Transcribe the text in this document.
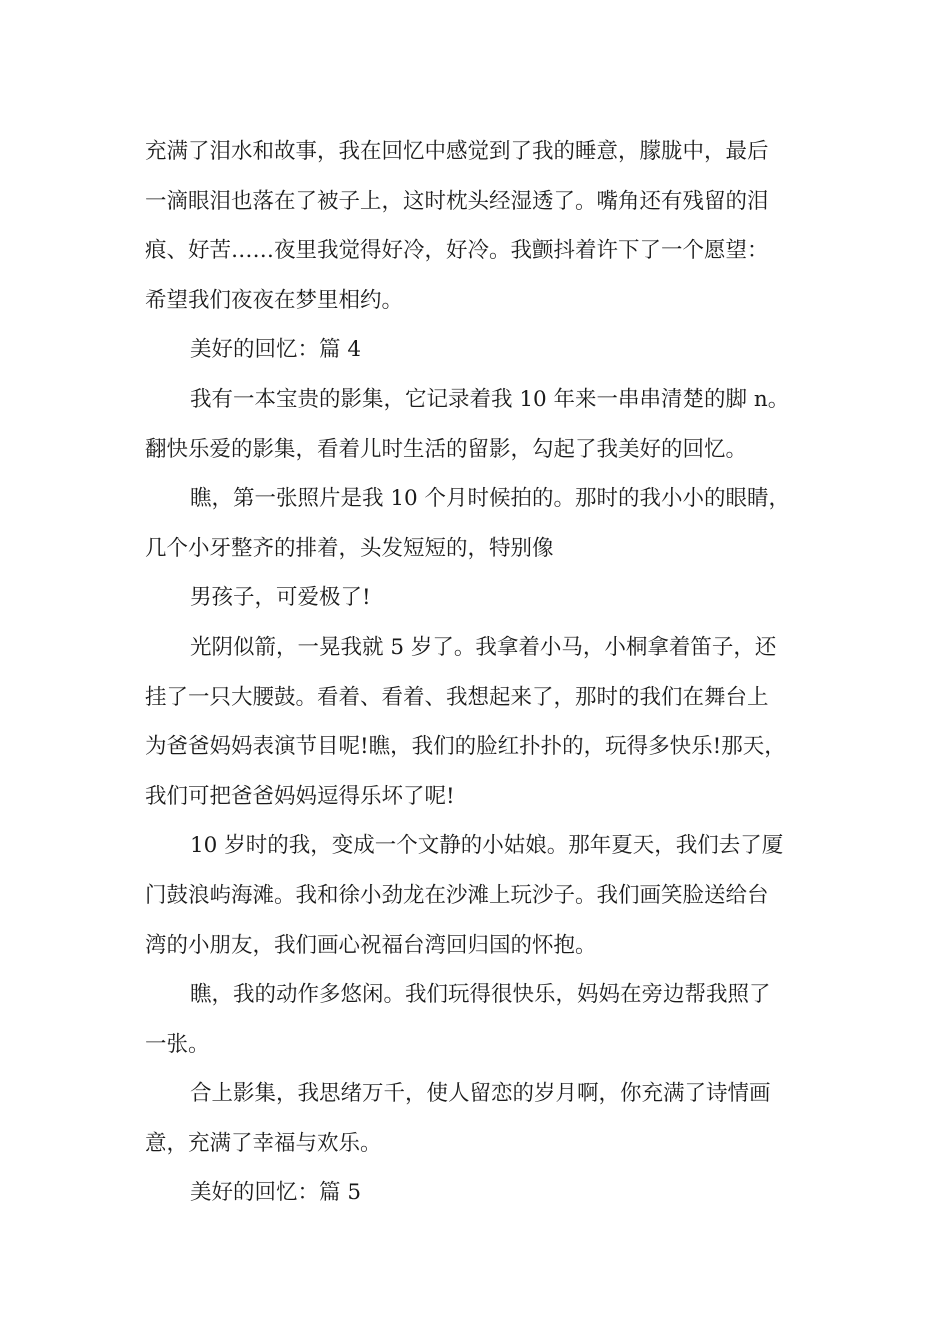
充满了泪水和故事，我在回忆中感觉到了我的睡意，朦胧中，最后
一滴眼泪也落在了被子上，这时枕头经湿透了。嘴角还有残留的泪
痕、好苦……夜里我觉得好冷，好冷。我颤抖着许下了一个愿望：
希望我们夜夜在梦里相约。
美好的回忆：篇 4
我有一本宝贵的影集，它记录着我 10 年来一串串清楚的脚 n。
翻快乐爱的影集，看着儿时生活的留影，勾起了我美好的回忆。
瞧，第一张照片是我 10 个月时候拍的。那时的我小小的眼睛，
几个小牙整齐的排着，头发短短的，特别像
男孩子，可爱极了!
光阴似箭，一晃我就 5 岁了。我拿着小马，小桐拿着笛子，还
挂了一只大腰鼓。看着、看着、我想起来了，那时的我们在舞台上
为爸爸妈妈表演节目呢!瞧，我们的脸红扑扑的，玩得多快乐!那天，
我们可把爸爸妈妈逗得乐坏了呢!
10 岁时的我，变成一个文静的小姑娘。那年夏天，我们去了厦
门鼓浪屿海滩。我和徐小劲龙在沙滩上玩沙子。我们画笑脸送给台
湾的小朋友，我们画心祝福台湾回归国的怀抱。
瞧，我的动作多悠闲。我们玩得很快乐，妈妈在旁边帮我照了
一张。
合上影集，我思绪万千，使人留恋的岁月啊，你充满了诗情画
意，充满了幸福与欢乐。
美好的回忆：篇 5
